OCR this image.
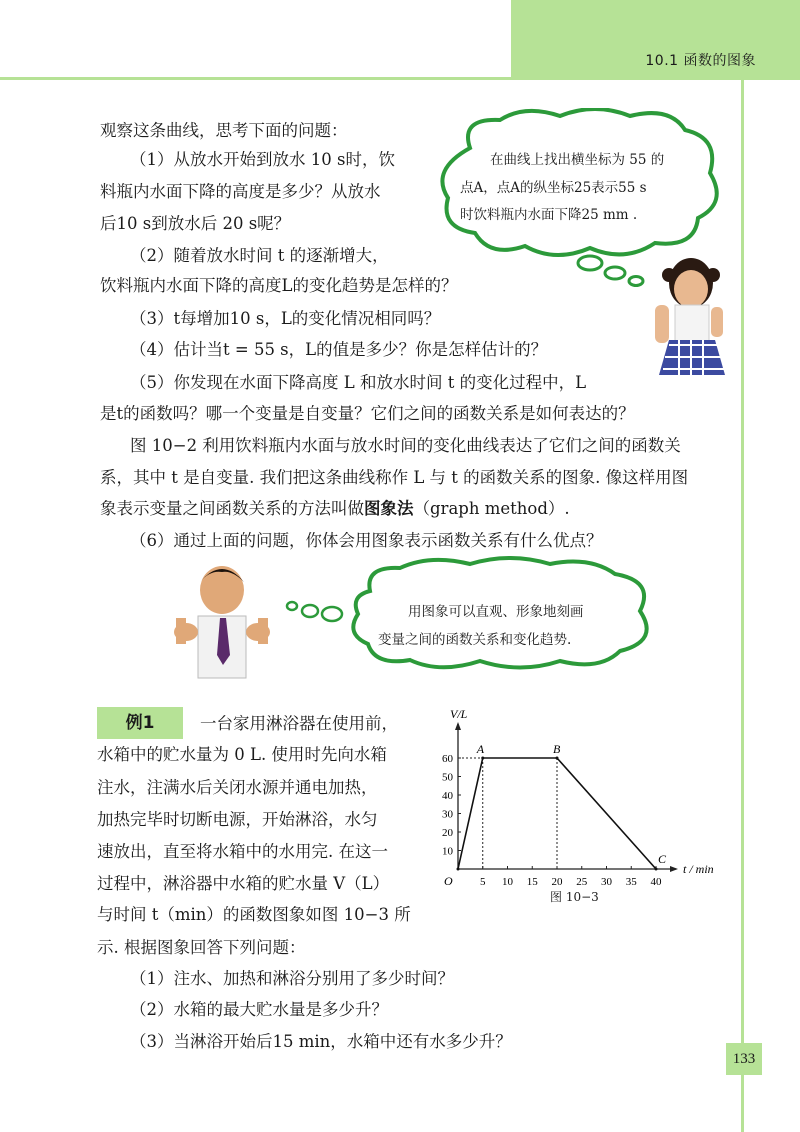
10.1 函数的图象

观察这条曲线，思考下面的问题：

（1）从放水开始到放水 10 s时，饮

料瓶内水面下降的高度是多少？从放水

后10 s到放水后 20 s呢？

（2）随着放水时间 t 的逐渐增大，

饮料瓶内水面下降的高度L的变化趋势是怎样的？

（3）t每增加10 s，L的变化情况相同吗？

（4）估计当t = 55 s，L的值是多少？你是怎样估计的？

（5）你发现在水面下降高度 L 和放水时间 t 的变化过程中，L

是t的函数吗？哪一个变量是自变量？它们之间的函数关系是如何表达的？

图 10−2 利用饮料瓶内水面与放水时间的变化曲线表达了它们之间的函数关

系，其中 t 是自变量. 我们把这条曲线称作 L 与 t 的函数关系的图象. 像这样用图

象表示变量之间函数关系的方法叫做图象法（graph method）.

（6）通过上面的问题，你体会用图象表示函数关系有什么优点？

在曲线上找出横坐标为 55 的
点A，点A的纵坐标25表示55 s
时饮料瓶内水面下降25 mm .
用图象可以直观、形象地刻画
变量之间的函数关系和变化趋势.
例1	一台家用淋浴器在使用前，

水箱中的贮水量为 0 L. 使用时先向水箱

注水，注满水后关闭水源并通电加热，

加热完毕时切断电源，开始淋浴，水匀

速放出，直至将水箱中的水用完. 在这一

过程中，淋浴器中水箱的贮水量 V（L）

与时间 t（min）的函数图象如图 10−3 所

示. 根据图象回答下列问题：

（1）注水、加热和淋浴分别用了多少时间？

（2）水箱的最大贮水量是多少升？

（3）当淋浴开始后15 min，水箱中还有水多少升？

V/L
t / min
O 5 10 15 20 25 30 35 40
10
20
30
40
50
60
A	B
C
图 10−3
133
